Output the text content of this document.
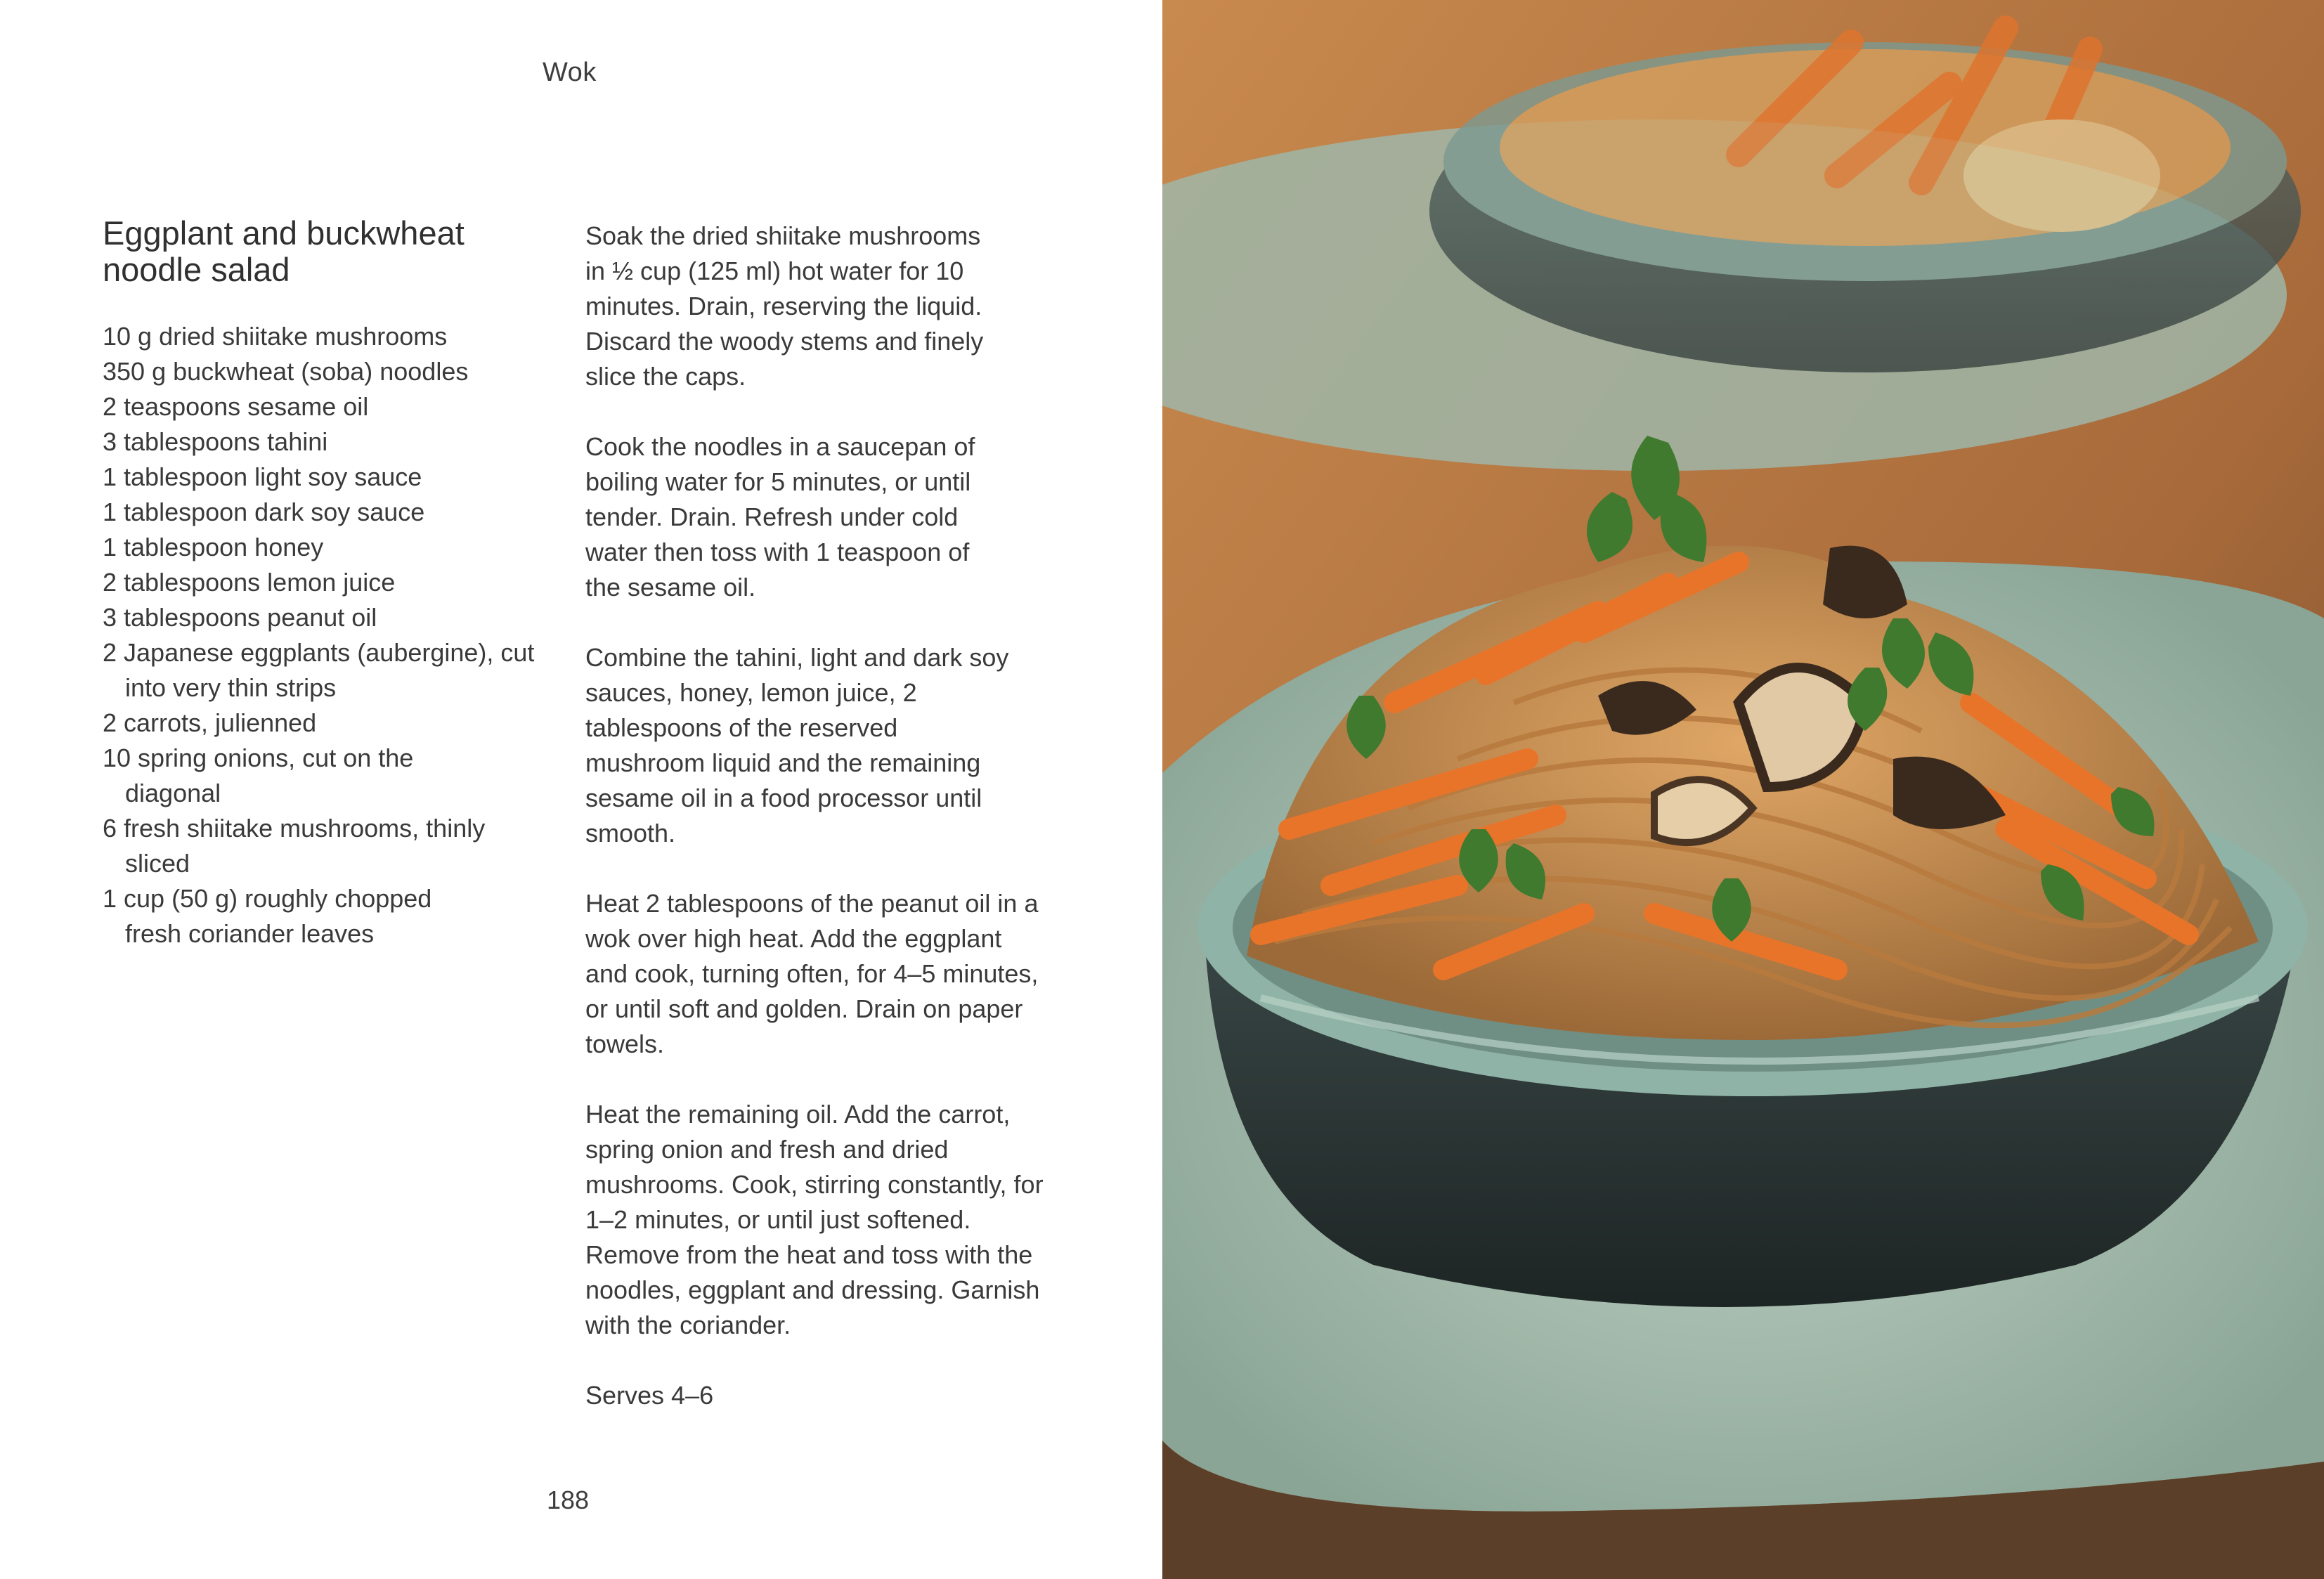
Wok
Eggplant and buckwheat
noodle salad
10 g dried shiitake mushrooms
350 g buckwheat (soba) noodles
2 teaspoons sesame oil
3 tablespoons tahini
1 tablespoon light soy sauce
1 tablespoon dark soy sauce
1 tablespoon honey
2 tablespoons lemon juice
3 tablespoons peanut oil
2 Japanese eggplants (aubergine), cut into very thin strips
2 carrots, julienned
10 spring onions, cut on the diagonal
6 fresh shiitake mushrooms, thinly sliced
1 cup (50 g) roughly chopped fresh coriander leaves

Soak the dried shiitake mushrooms in ½ cup (125 ml) hot water for 10 minutes. Drain, reserving the liquid. Discard the woody stems and finely slice the caps.

Cook the noodles in a saucepan of boiling water for 5 minutes, or until tender. Drain. Refresh under cold water then toss with 1 teaspoon of the sesame oil.

Combine the tahini, light and dark soy sauces, honey, lemon juice, 2 tablespoons of the reserved mushroom liquid and the remaining sesame oil in a food processor until smooth.

Heat 2 tablespoons of the peanut oil in a wok over high heat. Add the eggplant and cook, turning often, for 4–5 minutes, or until soft and golden. Drain on paper towels.

Heat the remaining oil. Add the carrot, spring onion and fresh and dried mushrooms. Cook, stirring constantly, for 1–2 minutes, or until just softened. Remove from the heat and toss with the noodles, eggplant and dressing. Garnish with the coriander.

Serves 4–6

188
